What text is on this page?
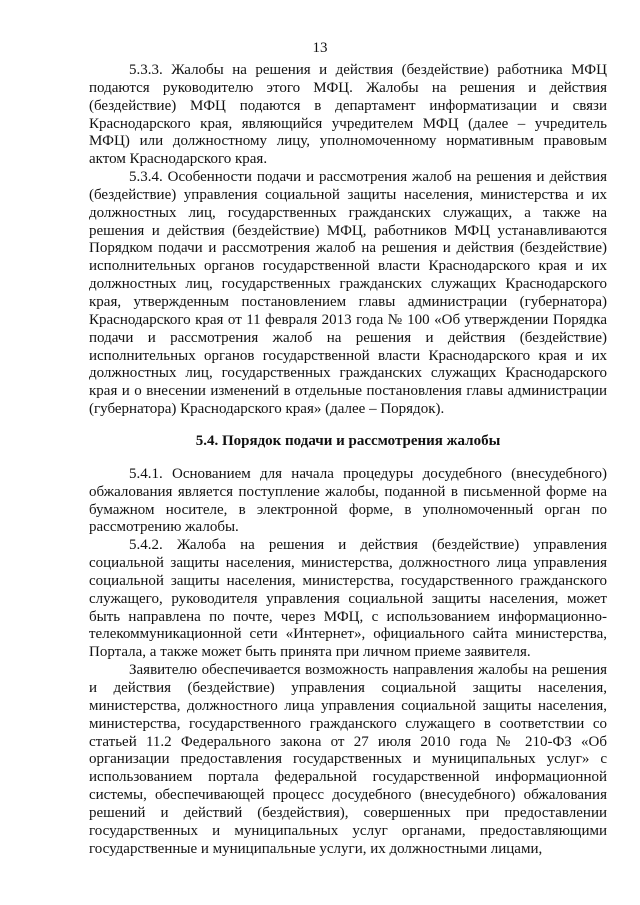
13

5.3.3. Жалобы на решения и действия (бездействие) работника МФЦ подаются руководителю этого МФЦ. Жалобы на решения и действия (бездействие) МФЦ подаются в департамент информатизации и связи Краснодарского края, являющийся учредителем МФЦ (далее – учредитель МФЦ) или должностному лицу, уполномоченному нормативным правовым актом Краснодарского края.

5.3.4. Особенности подачи и рассмотрения жалоб на решения и действия (бездействие) управления социальной защиты населения, министерства и их должностных лиц, государственных гражданских служащих, а также на решения и действия (бездействие) МФЦ, работников МФЦ устанавливаются Порядком подачи и рассмотрения жалоб на решения и действия (бездействие) исполнительных органов государственной власти Краснодарского края и их должностных лиц, государственных гражданских служащих Краснодарского края, утвержденным постановлением главы администрации (губернатора) Краснодарского края от 11 февраля 2013 года № 100 «Об утверждении Порядка подачи и рассмотрения жалоб на решения и действия (бездействие) исполнительных органов государственной власти Краснодарского края и их должностных лиц, государственных гражданских служащих Краснодарского края и о внесении изменений в отдельные постановления главы администрации (губернатора) Краснодарского края» (далее – Порядок).

5.4. Порядок подачи и рассмотрения жалобы

5.4.1. Основанием для начала процедуры досудебного (внесудебного) обжалования является поступление жалобы, поданной в письменной форме на бумажном носителе, в электронной форме, в уполномоченный орган по рассмотрению жалобы.

5.4.2. Жалоба на решения и действия (бездействие) управления социальной защиты населения, министерства, должностного лица управления социальной защиты населения, министерства, государственного гражданского служащего, руководителя управления социальной защиты населения, может быть направлена по почте, через МФЦ, с использованием информационно-телекоммуникационной сети «Интернет», официального сайта министерства, Портала, а также может быть принята при личном приеме заявителя.

Заявителю обеспечивается возможность направления жалобы на решения и действия (бездействие) управления социальной защиты населения, министерства, должностного лица управления социальной защиты населения, министерства, государственного гражданского служащего в соответствии со статьей 11.2 Федерального закона от 27 июля 2010 года № 210-ФЗ «Об организации предоставления государственных и муниципальных услуг» с использованием портала федеральной государственной информационной системы, обеспечивающей процесс досудебного (внесудебного) обжалования решений и действий (бездействия), совершенных при предоставлении государственных и муниципальных услуг органами, предоставляющими государственные и муниципальные услуги, их должностными лицами,
